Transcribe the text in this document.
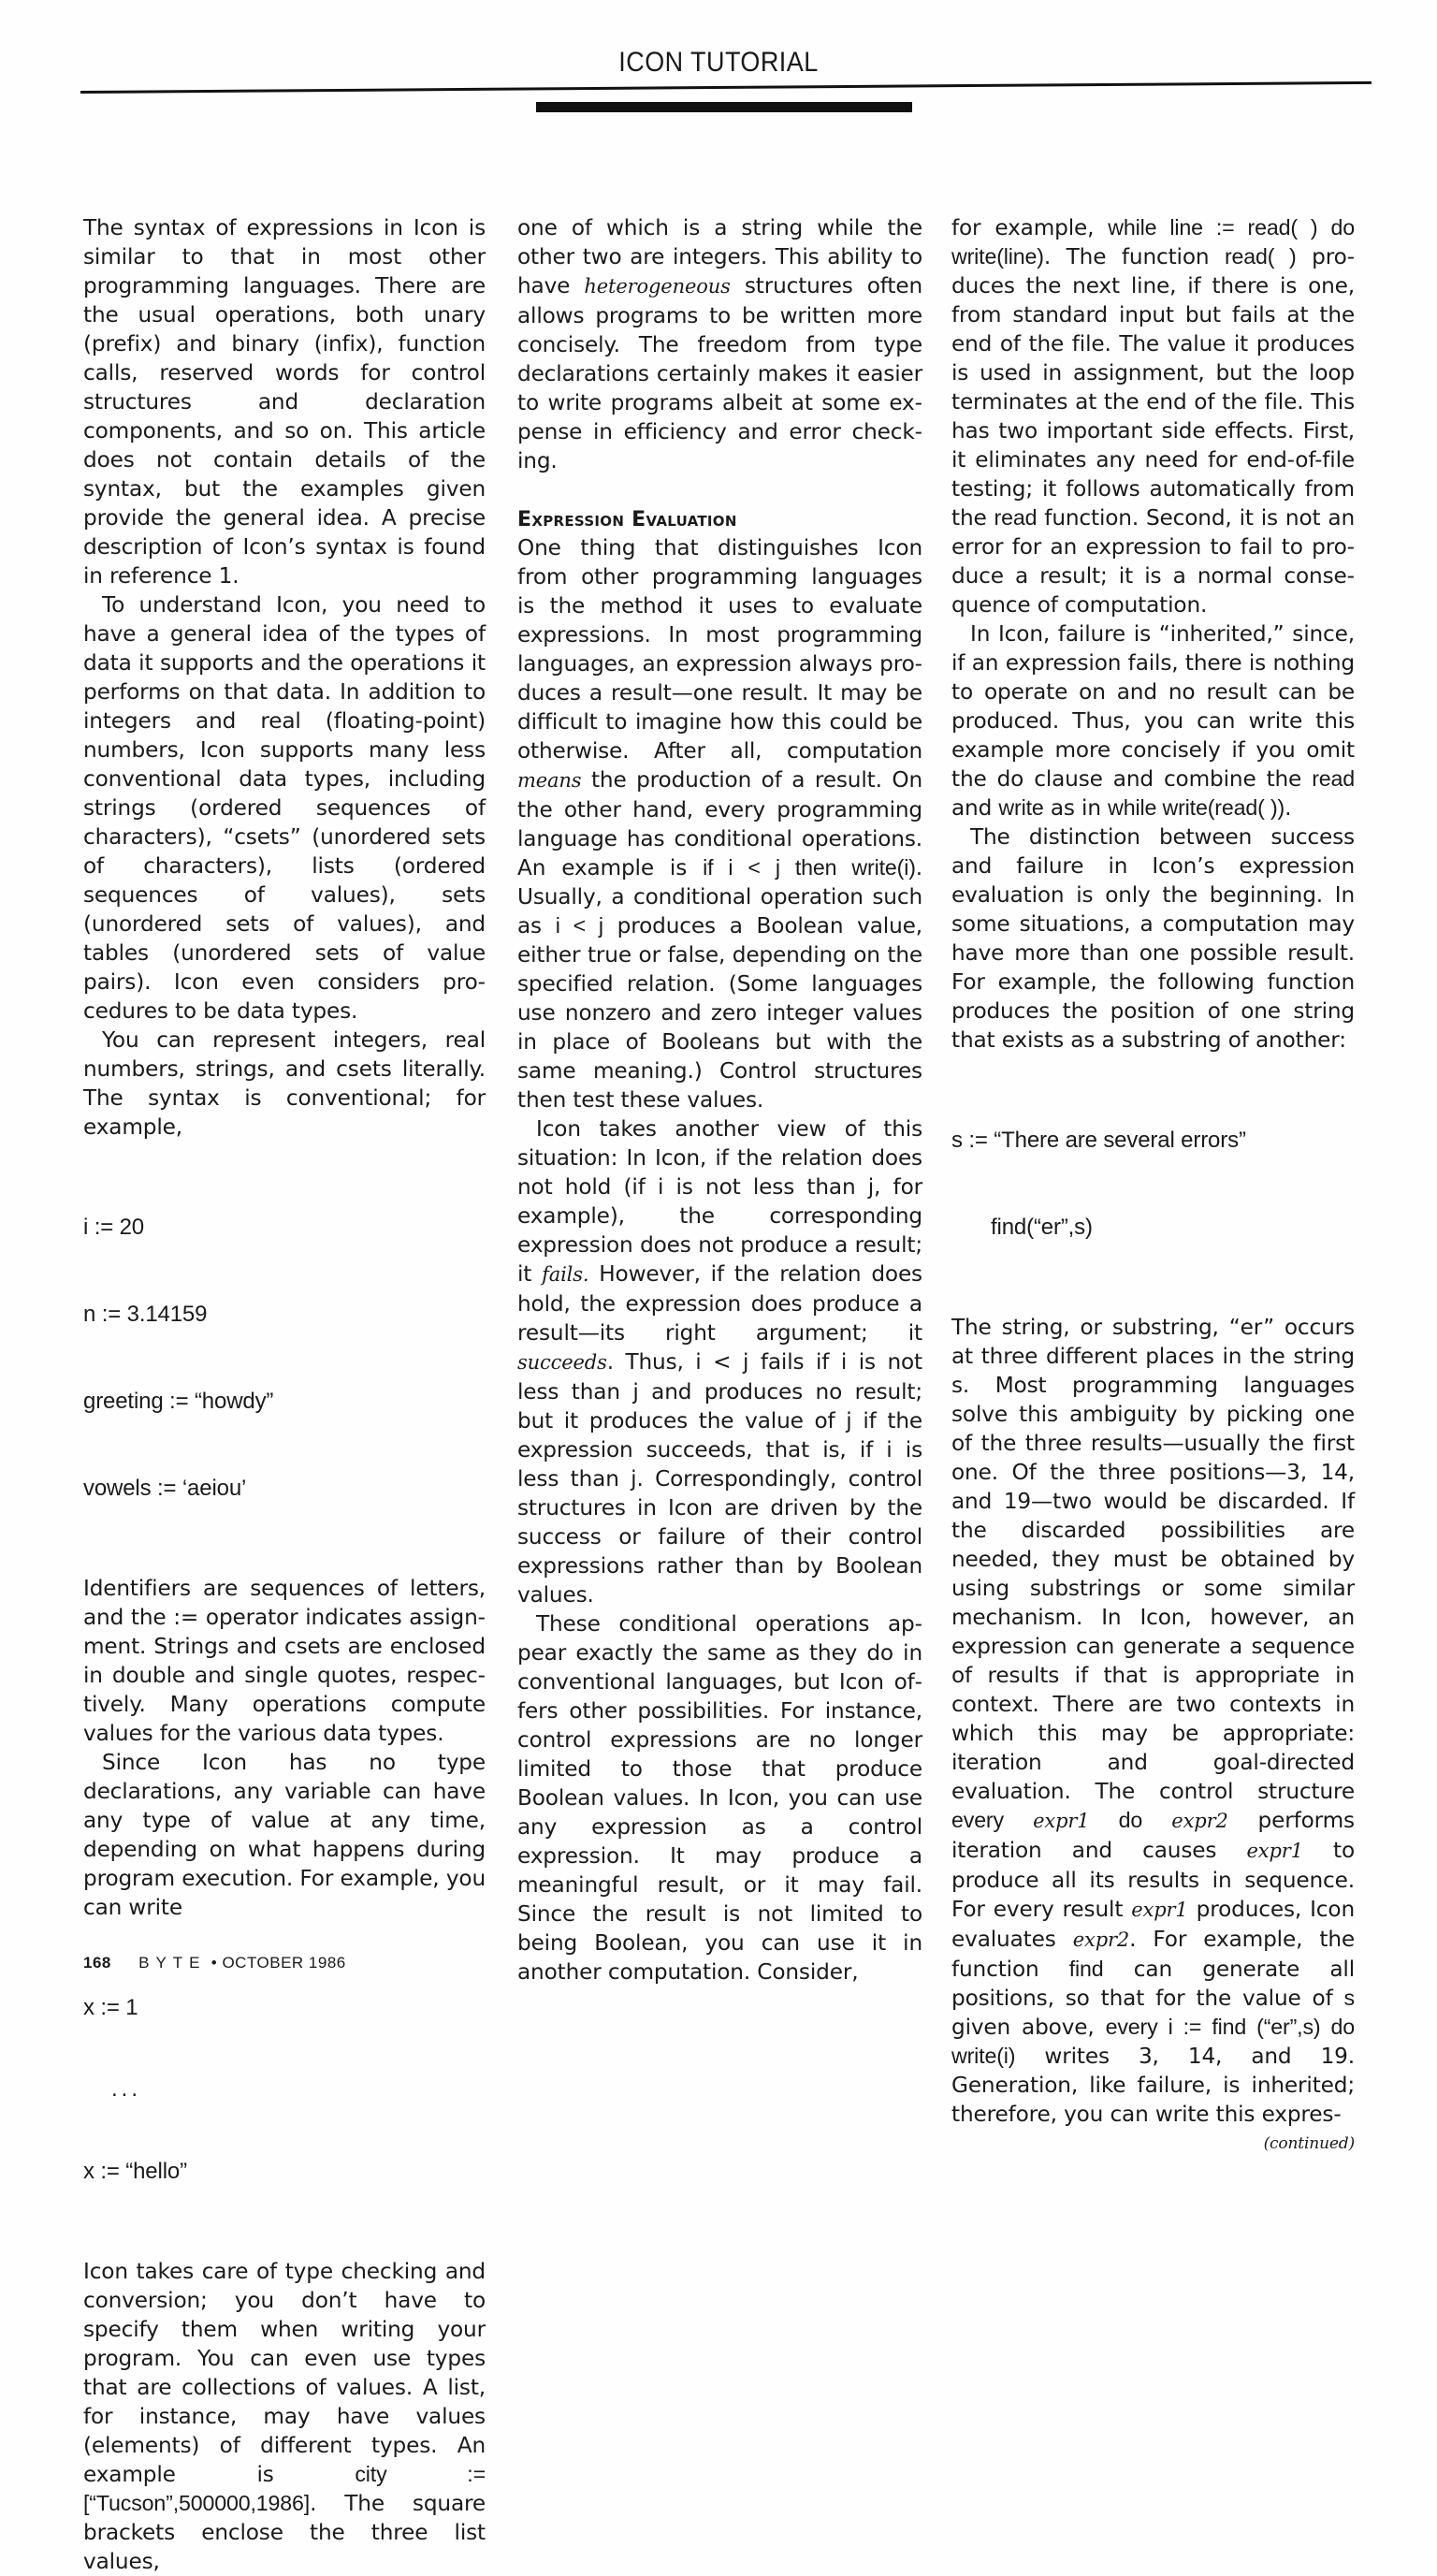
ICON TUTORIAL

The syntax of expressions in Icon is similar to that in most other programming languages. There are the usual operations, both unary (prefix) and binary (infix), function calls, reserved words for control structures and declaration components, and so on. This article does not contain details of the syntax, but the examples given provide the general idea. A precise description of Icon’s syntax is found in reference 1.

To understand Icon, you need to have a general idea of the types of data it supports and the operations it performs on that data. In addition to integers and real (floating-point) numbers, Icon supports many less conventional data types, including strings (ordered sequences of characters), “csets” (unordered sets of characters), lists (ordered sequences of values), sets (unordered sets of values), and tables (unordered sets of value pairs). Icon even considers procedures to be data types.

You can represent integers, real numbers, strings, and csets literally. The syntax is conventional; for example,

i := 20

n := 3.14159

greeting := “howdy”

vowels := ‘aeiou’

Identifiers are sequences of letters, and the := operator indicates assignment. Strings and csets are enclosed in double and single quotes, respectively. Many operations compute values for the various data types.

Since Icon has no type declarations, any variable can have any type of value at any time, depending on what happens during program execution. For example, you can write

x := 1

...

x := “hello”

Icon takes care of type checking and conversion; you don’t have to specify them when writing your program. You can even use types that are collections of values. A list, for instance, may have values (elements) of different types. An example is city := [“Tucson”,500000,1986]. The square brackets enclose the three list values,

one of which is a string while the other two are integers. This ability to have heterogeneous structures often allows programs to be written more concisely. The freedom from type declarations certainly makes it easier to write programs albeit at some expense in efficiency and error checking.

Expression Evaluation

One thing that distinguishes Icon from other programming languages is the method it uses to evaluate expressions. In most programming languages, an expression always produces a result—one result. It may be difficult to imagine how this could be otherwise. After all, computation means the production of a result. On the other hand, every programming language has conditional operations. An example is if i < j then write(i). Usually, a conditional operation such as i < j produces a Boolean value, either true or false, depending on the specified relation. (Some languages use nonzero and zero integer values in place of Booleans but with the same meaning.) Control structures then test these values.

Icon takes another view of this situation: In Icon, if the relation does not hold (if i is not less than j, for example), the corresponding expression does not produce a result; it fails. However, if the relation does hold, the expression does produce a result—its right argument; it succeeds. Thus, i < j fails if i is not less than j and produces no result; but it produces the value of j if the expression succeeds, that is, if i is less than j. Correspondingly, control structures in Icon are driven by the success or failure of their control expressions rather than by Boolean values.

These conditional operations appear exactly the same as they do in conventional languages, but Icon offers other possibilities. For instance, control expressions are no longer limited to those that produce Boolean values. In Icon, you can use any expression as a control expression. It may produce a meaningful result, or it may fail. Since the result is not limited to being Boolean, you can use it in another computation. Consider,

for example, while line := read( ) do write(line). The function read( ) produces the next line, if there is one, from standard input but fails at the end of the file. The value it produces is used in assignment, but the loop terminates at the end of the file. This has two important side effects. First, it eliminates any need for end-of-file testing; it follows automatically from the read function. Second, it is not an error for an expression to fail to produce a result; it is a normal consequence of computation.

In Icon, failure is “inherited,” since, if an expression fails, there is nothing to operate on and no result can be produced. Thus, you can write this example more concisely if you omit the do clause and combine the read and write as in while write(read( )).

The distinction between success and failure in Icon’s expression evaluation is only the beginning. In some situations, a computation may have more than one possible result. For example, the following function produces the position of one string that exists as a substring of another:

s := “There are several errors”

find(“er”,s)

The string, or substring, “er” occurs at three different places in the string s. Most programming languages solve this ambiguity by picking one of the three results—usually the first one. Of the three positions—3, 14, and 19—two would be discarded. If the discarded possibilities are needed, they must be obtained by using substrings or some similar mechanism. In Icon, however, an expression can generate a sequence of results if that is appropriate in context. There are two contexts in which this may be appropriate: iteration and goal-directed evaluation. The control structure every expr1 do expr2 performs iteration and causes expr1 to produce all its results in sequence. For every result expr1 produces, Icon evaluates expr2. For example, the function find can generate all positions, so that for the value of s given above, every i := find (“er”,s) do write(i) writes 3, 14, and 19. Generation, like failure, is inherited; therefore, you can write this expres-

(continued)
168 BYTE • OCTOBER 1986
